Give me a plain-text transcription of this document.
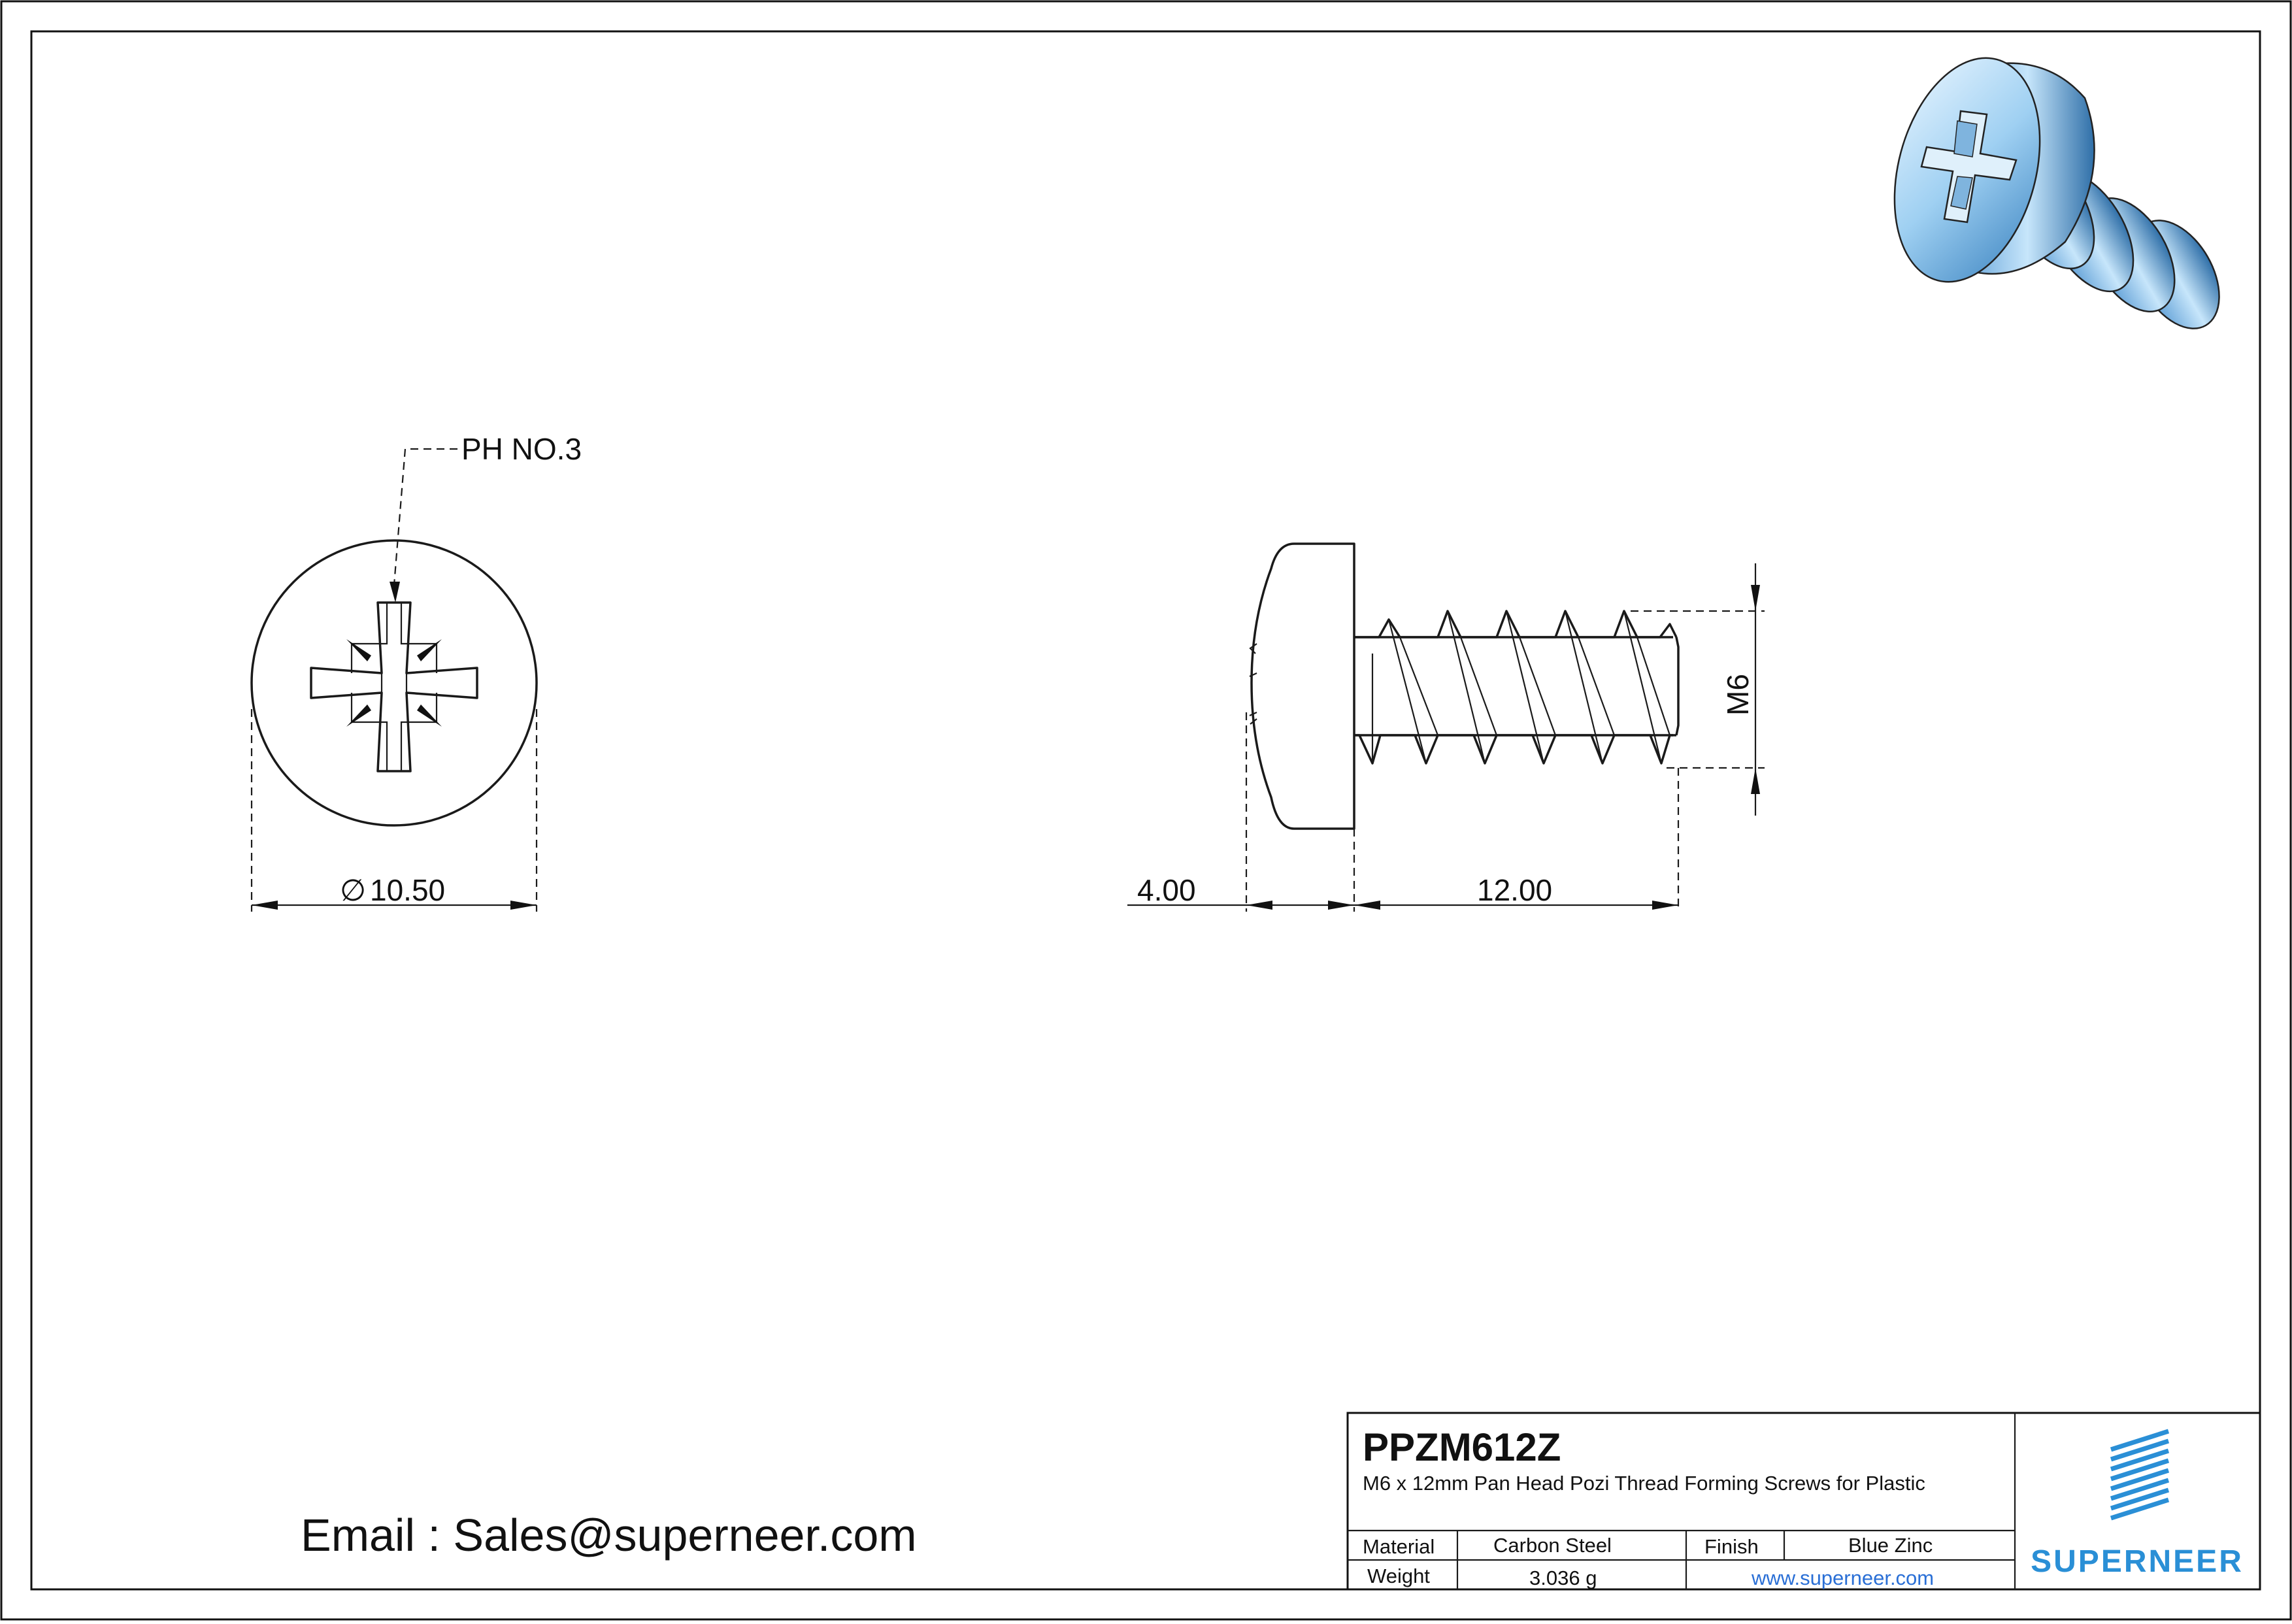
PH NO.3
∅ 10.50
M6
4.00	12.00
Email : Sales@superneer.com
PPZM612Z
M6 x 12mm Pan Head Pozi Thread Forming Screws for Plastic
Material	Carbon Steel	Finish	Blue Zinc
Weight	3.036 g	www.superneer.com	SUPERNEER
